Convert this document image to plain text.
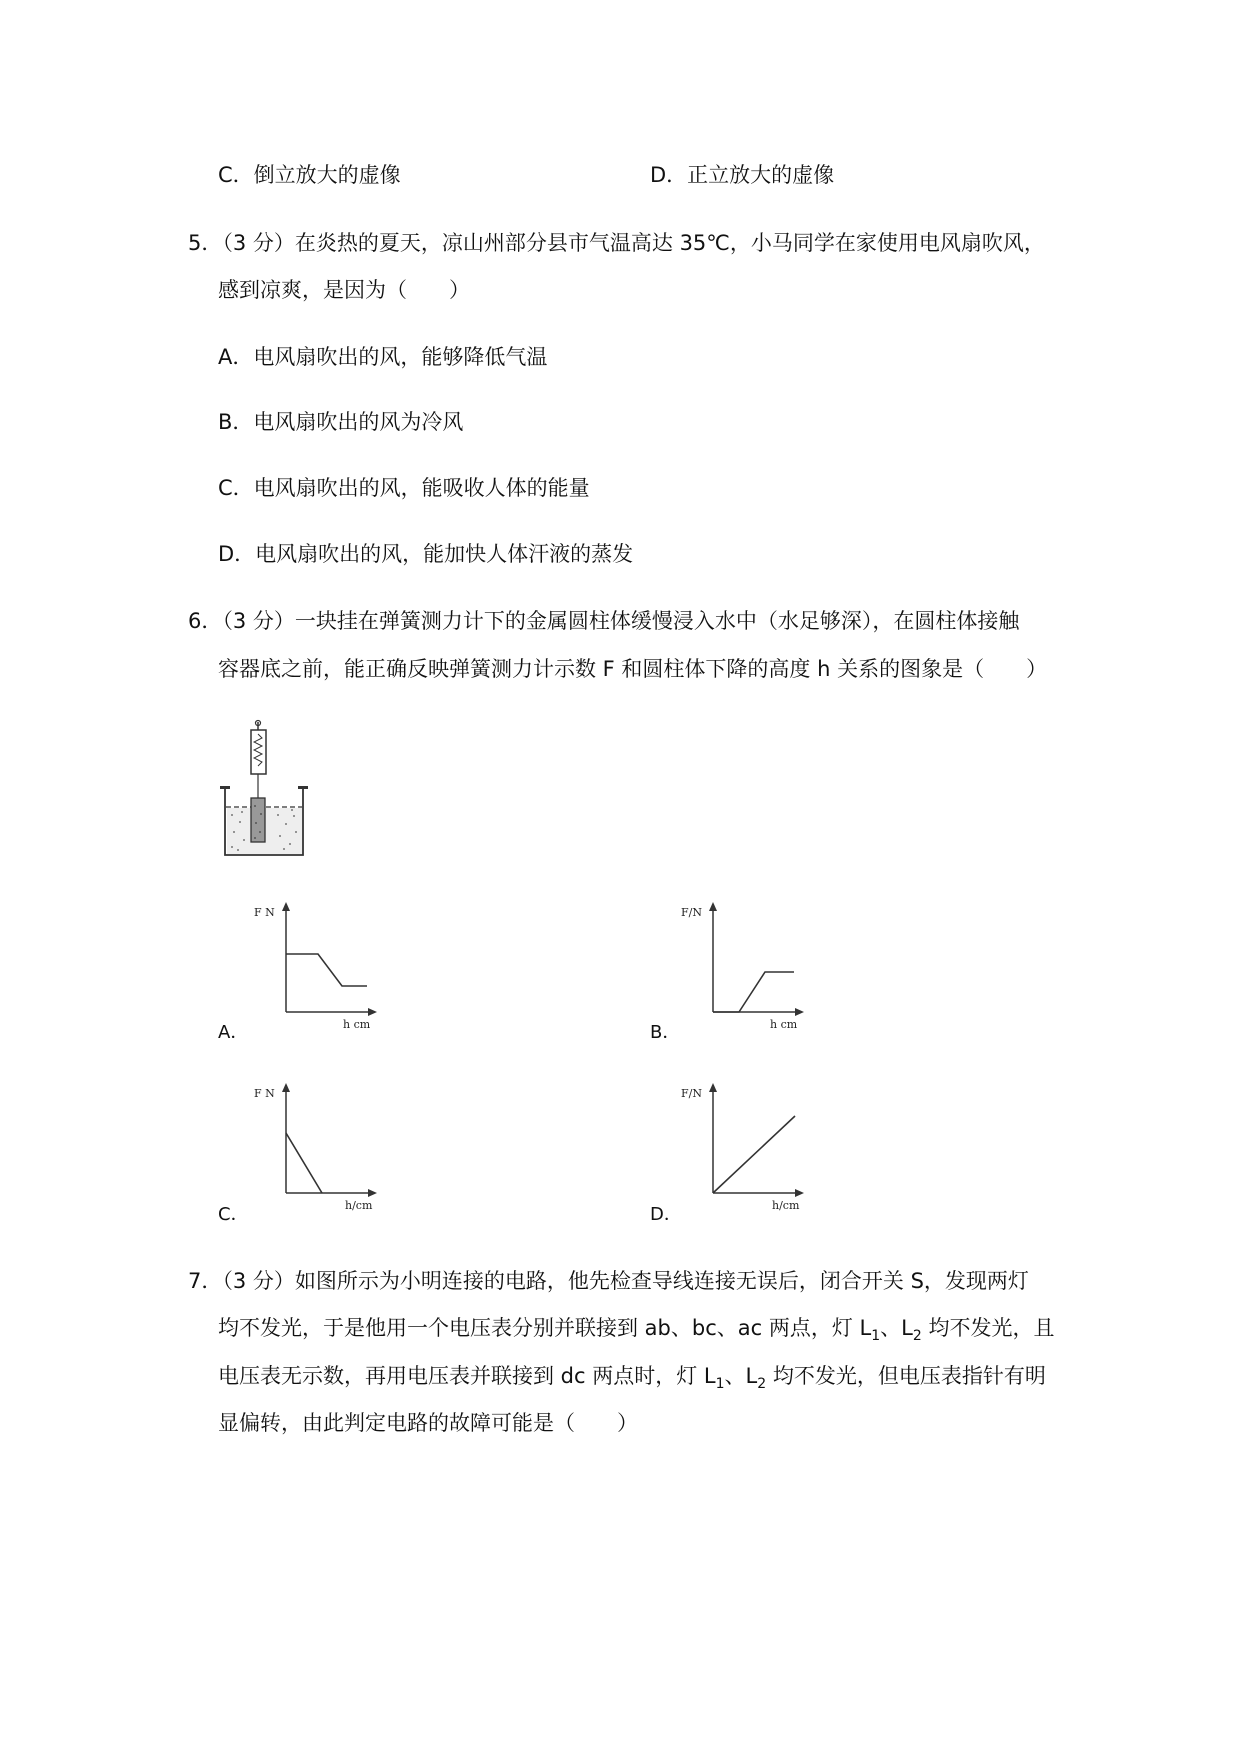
C．倒立放大的虚像	D．正立放大的虚像
5．（3 分）在炎热的夏天，凉山州部分县市气温高达 35℃，小马同学在家使用电风扇吹风，
感到凉爽，是因为（　　）
A．电风扇吹出的风，能够降低气温
B．电风扇吹出的风为冷风
C．电风扇吹出的风，能吸收人体的能量
D．电风扇吹出的风，能加快人体汗液的蒸发
6．（3 分）一块挂在弹簧测力计下的金属圆柱体缓慢浸入水中（水足够深），在圆柱体接触
容器底之前，能正确反映弹簧测力计示数 F 和圆柱体下降的高度 h 关系的图象是（　　）
F N
h cm
A．
F/N
h cm
B．
F N
h/cm
C．
F/N
h/cm
D．
7．（3 分）如图所示为小明连接的电路，他先检查导线连接无误后，闭合开关 S，发现两灯
均不发光，于是他用一个电压表分别并联接到 ab、bc、ac 两点，灯 $L_1$、$L_2$ 均不发光，且
电压表无示数，再用电压表并联接到 dc 两点时，灯 $L_1$、$L_2$ 均不发光，但电压表指针有明
显偏转，由此判定电路的故障可能是（　　）
